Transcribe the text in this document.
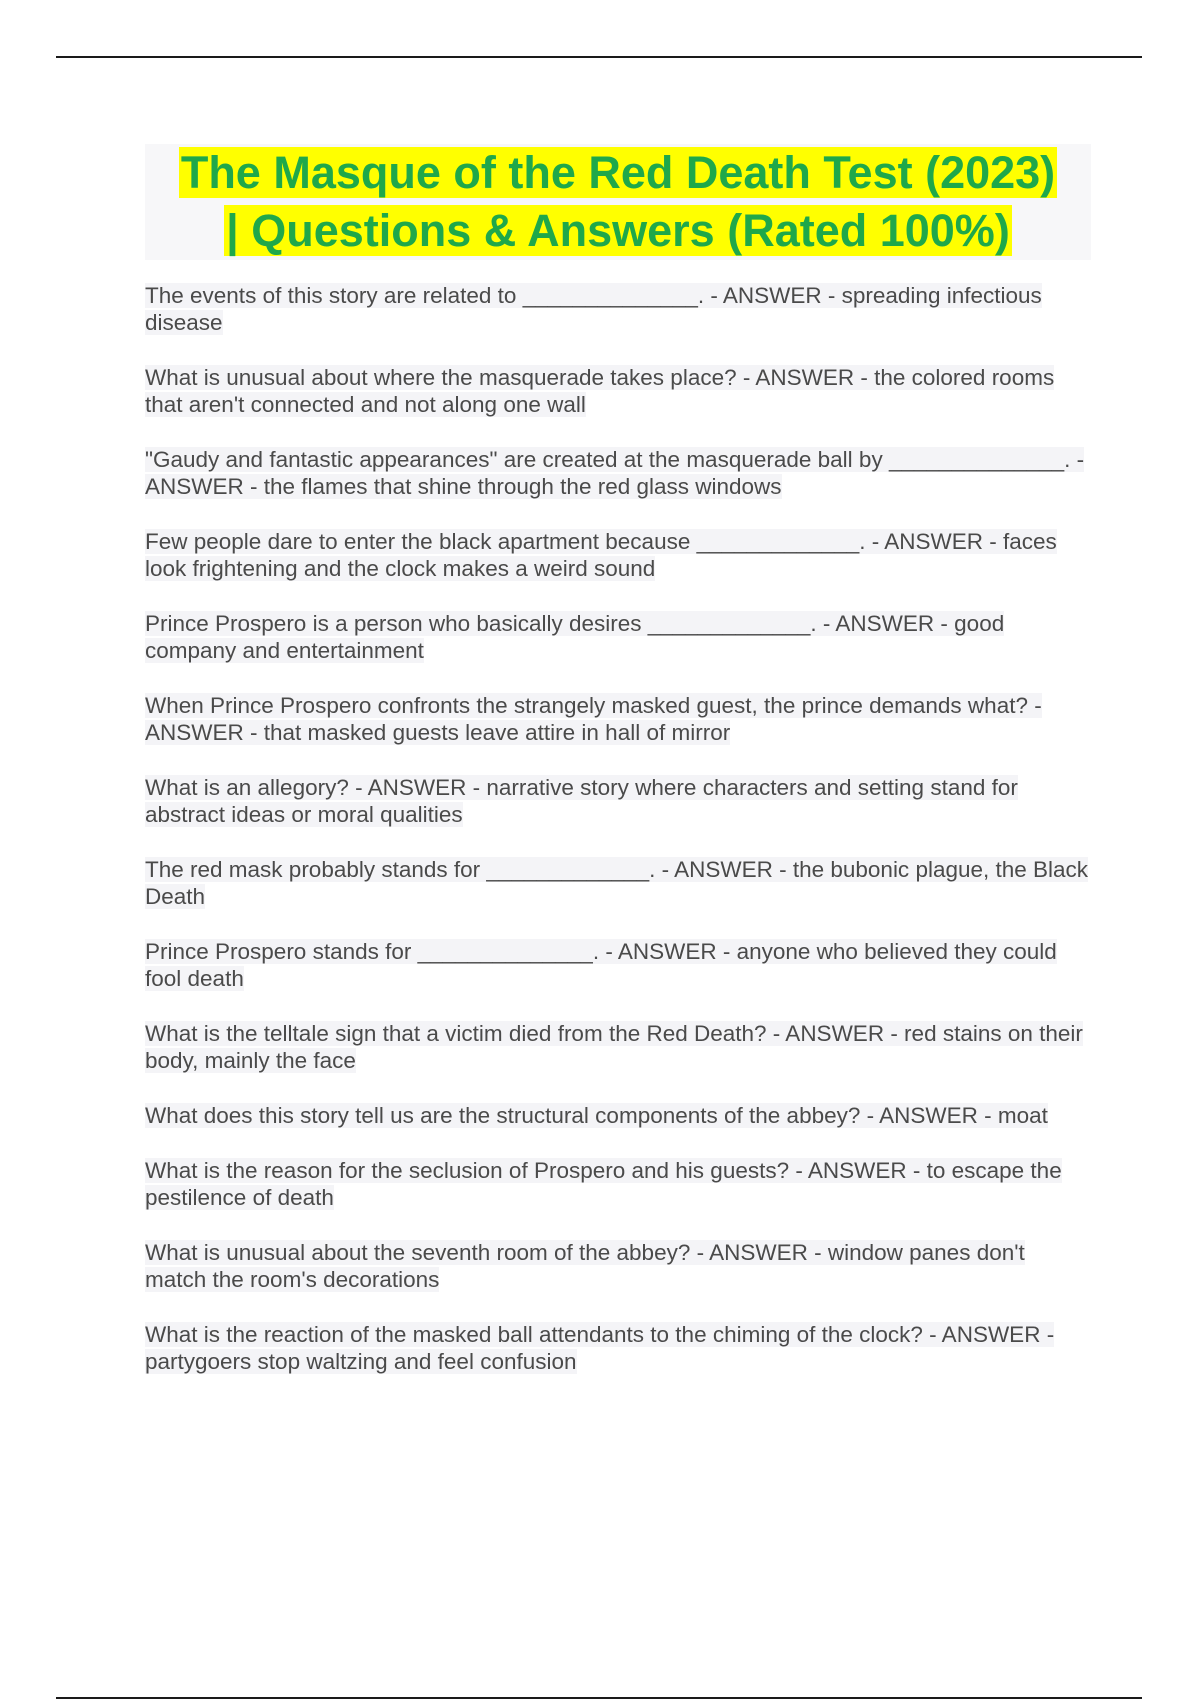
The Masque of the Red Death Test (2023)
| Questions & Answers (Rated 100%)
The events of this story are related to ______________. - ANSWER - spreading infectious disease
What is unusual about where the masquerade takes place? - ANSWER - the colored rooms that aren't connected and not along one wall
"Gaudy and fantastic appearances" are created at the masquerade ball by ______________. - ANSWER - the flames that shine through the red glass windows
Few people dare to enter the black apartment because _____________. - ANSWER - faces look frightening and the clock makes a weird sound
Prince Prospero is a person who basically desires _____________. - ANSWER - good company and entertainment
When Prince Prospero confronts the strangely masked guest, the prince demands what? - ANSWER - that masked guests leave attire in hall of mirror
What is an allegory? - ANSWER - narrative story where characters and setting stand for abstract ideas or moral qualities
The red mask probably stands for _____________. - ANSWER - the bubonic plague, the Black Death
Prince Prospero stands for ______________. - ANSWER - anyone who believed they could fool death
What is the telltale sign that a victim died from the Red Death? - ANSWER - red stains on their body, mainly the face
What does this story tell us are the structural components of the abbey? - ANSWER - moat
What is the reason for the seclusion of Prospero and his guests? - ANSWER - to escape the pestilence of death
What is unusual about the seventh room of the abbey? - ANSWER - window panes don't match the room's decorations
What is the reaction of the masked ball attendants to the chiming of the clock? - ANSWER - partygoers stop waltzing and feel confusion
